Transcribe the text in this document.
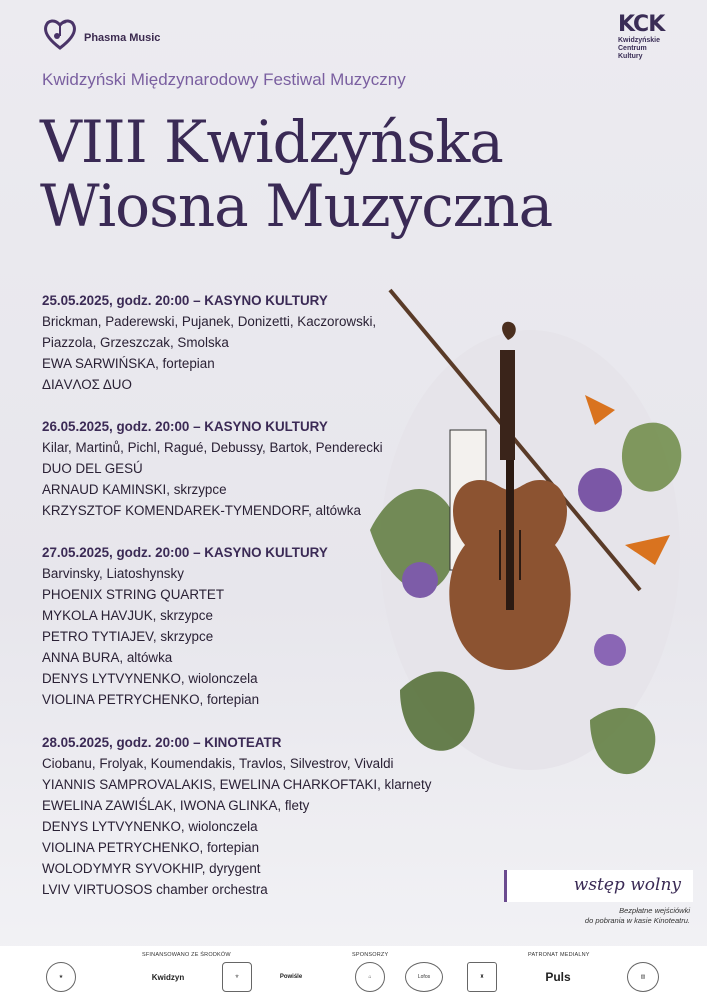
Phasma Music
KCK
Kwidzyńskie
Centrum
Kultury
Kwidzyński Międzynarodowy Festiwal Muzyczny
VIII Kwidzyńska
Wiosna Muzyczna
25.05.2025, godz. 20:00 – KASYNO KULTURY
Brickman, Paderewski, Pujanek, Donizetti, Kaczorowski,
Piazzola, Grzeszczak, Smolska
EWA SARWIŃSKA, fortepian
ΔΙΑVΛΟΣ ΔUΟ
26.05.2025, godz. 20:00 – KASYNO KULTURY
Kilar, Martinů, Pichl, Ragué, Debussy, Bartok, Penderecki
DUO DEL GESÚ
ARNAUD KAMINSKI, skrzypce
KRZYSZTOF KOMENDAREK-TYMENDORF, altówka
27.05.2025, godz. 20:00 – KASYNO KULTURY
Barvinsky, Liatoshynsky
PHOENIX STRING QUARTET
MYKOLA HAVJUK, skrzypce
PETRO TYTIAJEV, skrzypce
ANNA BURA, altówka
DENYS LYTVYNENKO, wiolonczela
VIOLINA PETRYCHENKO, fortepian
28.05.2025, godz. 20:00 – KINOTEATR
Ciobanu, Frolyak, Koumendakis, Travlos, Silvestrov, Vivaldi
YIANNIS SAMPROVALAKIS, EWELINA CHARKOFTAKI, klarnety
EWELINA ZAWIŚLAK, IWONA GLINKA, flety
DENYS LYTVYNENKO, wiolonczela
VIOLINA PETRYCHENKO, fortepian
WOLODYMYR SYVOKHIP, dyrygent
LVIV VIRTUOSOS chamber orchestra	wstęp wolny
Bezpłatne wejściówki
do pobrania w kasie Kinoteatru.
★
SFINANSOWANO ZE ŚRODKÓW
Kwidzyn	⚜	Powiśle
SPONSORZY
⌂	Lofos	♜
PATRONAT MEDIALNY
Puls	▥
